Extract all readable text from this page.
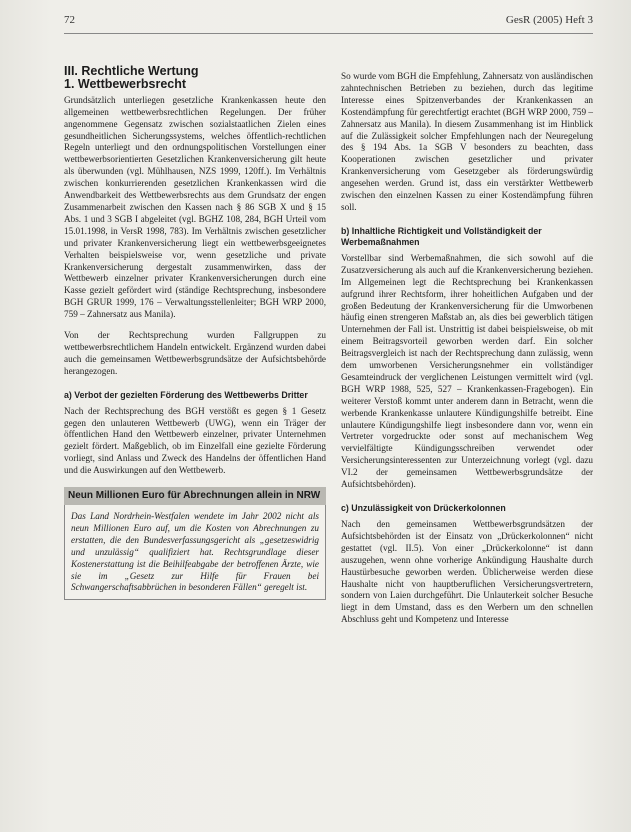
72	GesR (2005) Heft 3
III. Rechtliche Wertung
1. Wettbewerbsrecht

Grundsätzlich unterliegen gesetzliche Krankenkassen heute den allgemeinen wettbewerbsrechtlichen Regelungen. Der früher angenommene Gegensatz zwischen sozialstaatlichen Zielen eines gesundheitlichen Sicherungssystems, welches öffentlich-rechtlichen Regeln unterliegt und den ordnungspolitischen Vorstellungen einer wettbewerbsorientierten Gesetzlichen Krankenversicherung gilt heute als überwunden (vgl. Mühlhausen, NZS 1999, 120ff.). Im Verhältnis zwischen konkurrierenden gesetzlichen Krankenkassen wird die Anwendbarkeit des Wettbewerbsrechts aus dem Grundsatz der engen Zusammenarbeit zwischen den Kassen nach § 86 SGB X und § 15 Abs. 1 und 3 SGB I abgeleitet (vgl. BGHZ 108, 284, BGH Urteil vom 15.01.1998, in VersR 1998, 783). Im Verhältnis zwischen gesetzlicher und privater Krankenversicherung liegt ein wettbewerbsgeeignetes Verhalten beispielsweise vor, wenn gesetzliche und private Krankenversicherung dergestalt zusammenwirken, dass der Wettbewerb einzelner privater Krankenversicherungen durch eine Kasse gezielt gefördert wird (ständige Rechtsprechung, insbesondere BGH GRUR 1999, 176 – Verwaltungsstellenleiter; BGH WRP 2000, 759 – Zahnersatz aus Manila).

Von der Rechtsprechung wurden Fallgruppen zu wettbewerbsrechtlichem Handeln entwickelt. Ergänzend wurden dabei auch die gemeinsamen Wettbewerbsgrundsätze der Aufsichtsbehörde herangezogen.

a) Verbot der gezielten Förderung des Wettbewerbs Dritter

Nach der Rechtsprechung des BGH verstößt es gegen § 1 Gesetz gegen den unlauteren Wettbewerb (UWG), wenn ein Träger der öffentlichen Hand den Wettbewerb einzelner, privater Unternehmen gezielt fördert. Maßgeblich, ob im Einzelfall eine gezielte Förderung vorliegt, sind Anlass und Zweck des Handelns der öffentlichen Hand und die Auswirkungen auf den Wettbewerb.

Neun Millionen Euro für Abrechnungen allein in NRW
Das Land Nordrhein-Westfalen wendete im Jahr 2002 nicht als neun Millionen Euro auf, um die Kosten von Abrechnungen zu erstatten, die den Bundesverfassungsgericht als „gesetzeswidrig und unzulässig“ qualifiziert hat. Rechtsgrundlage dieser Kostenerstattung ist die Beihilfeabgabe der betroffenen Ärzte, wie sie im „Gesetz zur Hilfe für Frauen bei Schwangerschaftsabbrüchen in besonderen Fällen“ geregelt ist.

So wurde vom BGH die Empfehlung, Zahnersatz von ausländischen zahntechnischen Betrieben zu beziehen, durch das legitime Interesse eines Spitzenverbandes der Krankenkassen an Kostendämpfung für gerechtfertigt erachtet (BGH WRP 2000, 759 – Zahnersatz aus Manila). In diesem Zusammenhang ist im Hinblick auf die Zulässigkeit solcher Empfehlungen nach der Neuregelung des § 194 Abs. 1a SGB V besonders zu beachten, dass Kooperationen zwischen gesetzlicher und privater Krankenversicherung vom Gesetzgeber als förderungswürdig angesehen werden. Grund ist, dass ein verstärkter Wettbewerb zwischen den einzelnen Kassen zu einer Kostendämpfung führen soll.

b) Inhaltliche Richtigkeit und Vollständigkeit der Werbemaßnahmen

Vorstellbar sind Werbemaßnahmen, die sich sowohl auf die Zusatzversicherung als auch auf die Krankenversicherung beziehen. Im Allgemeinen legt die Rechtsprechung bei Krankenkassen aufgrund ihrer Rechtsform, ihrer hoheitlichen Aufgaben und der großen Bedeutung der Krankenversicherung für die Umworbenen häufig einen strengeren Maßstab an, als dies bei gewerblich tätigen Unternehmen der Fall ist. Unstrittig ist dabei beispielsweise, ob mit einem Beitragsvorteil geworben werden darf. Ein solcher Beitragsvergleich ist nach der Rechtsprechung dann zulässig, wenn dem umworbenen Versicherungsnehmer ein vollständiger Gesamteindruck der verglichenen Leistungen vermittelt wird (vgl. BGH WRP 1988, 525, 527 – Krankenkassen-Fragebogen). Ein weiterer Verstoß kommt unter anderem dann in Betracht, wenn die werbende Krankenkasse unlautere Kündigungshilfe betreibt. Eine unlautere Kündigungshilfe liegt insbesondere dann vor, wenn ein Vertreter vorgedruckte oder sonst auf mechanischem Weg vervielfältigte Kündigungsschreiben verwendet oder Versicherungsinteressenten zur Unterzeichnung vorlegt (vgl. dazu VI.2 der gemeinsamen Wettbewerbsgrundsätze der Aufsichtsbehörden).

c) Unzulässigkeit von Drückerkolonnen

Nach den gemeinsamen Wettbewerbsgrundsätzen der Aufsichtsbehörden ist der Einsatz von „Drückerkolonnen“ nicht gestattet (vgl. II.5). Von einer „Drückerkolonne“ ist dann auszugehen, wenn ohne vorherige Ankündigung Haushalte durch Haustürbesuche geworben werden. Üblicherweise werden diese Haushalte nicht von hauptberuflichen Versicherungsvertretern, sondern von Laien durchgeführt. Die Unlauterkeit solcher Besuche liegt in dem Umstand, dass es den Werbern um den schnellen Abschluss geht und Kompetenz und Interesse
